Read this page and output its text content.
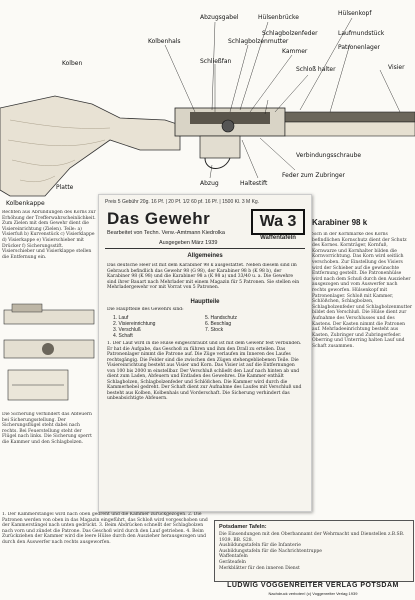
Abzugsgabel	Hülsenbrücke
Hülsenkopf
Kolbenhals	Schlagbolzenmutter
Schlagbolzenfeder	Laufmundstück
Patronenlager
Kammer
Schloß halter
Kolben	Schließfan
Visier
Abzug	Haltestift
Feder zum Zubringer
Verbindungsschraube
Kolbenkappe
Platte
Rechten aus Abrundungen des Korns zur Erhöhung der Trefferwahrscheinlichkeit. Zum Zielen mit dem Gewehr dient die Visiereinrichtung (Zielen). Teile: a) Visierfuß b) Kurvenstück c) Visierklappe d) Visierkappe e) Visierschieber mit Drücker f) Sicherungsstift. Visierschieber und Visierklappe stellen die Entfernung ein.
Die Sicherung verhindert das Abfeuern bei Sicherungsstellung. Der Sicherungsflügel steht dabei nach rechts. Bei Feuerstellung steht der Flügel nach links. Die Sicherung sperrt die Kammer und den Schlagbolzen.
1. Der Kammerstängel wird nach oben gedreht und die Kammer zurückgezogen. 2. Die Patronen werden von oben in das Magazin eingeführt, das Schloß wird vorgeschoben und der Kammerstängel nach unten gedrückt. 3. Beim Abdrücken schnellt der Schlagbolzen nach vorn und zündet die Patrone. Das Geschoß wird durch den Lauf getrieben. 4. Beim Zurückziehen der Kammer wird die leere Hülse durch den Auszieher herausgezogen und durch den Auswerfer nach rechts ausgeworfen.
Preis 5 Gebühr 20g. 16 Pf. | 20 Pf. 1/2 60 pf. 16 Pf. | 1500 Kl. 3 M Kg.
Das Gewehr
Bearbeitet von Techn. Verw.-Amtmann Kiedrolka
Ausgegeben März 1939
Wa 3
Waffentafeln
Allgemeines
Das deutsche Heer ist mit dem Karabiner 98 k ausgestattet. Neben diesem sind im Gebrauch befindlich das Gewehr 98 (G 98), der Karabiner 98 b (K 98 b), der Karabiner 98 (K 98) und die Karabiner 98 a (K 98 a) und 33/40 u. a. Die Gewehre sind ihrer Bauart nach Mehrlader mit einem Magazin für 5 Patronen. Sie stellen ein Mehrladergewehr vor mit Vorrat von 5 Patronen.
Hauptteile
Die Hauptteile des Gewehrs sind:
1. Lauf	5. Handschutz
2. Visiereinrichtung	6. Beschlag
3. Verschluß	7. Stock
4. Schaft
1. Der Lauf wird in die Hülse eingeschraubt und ist mit dem Gewehr fest verbunden. Er hat die Aufgabe, das Geschoß zu führen und ihm den Drall zu erteilen. Das Patronenlager nimmt die Patrone auf. Die Züge verlaufen im Inneren des Laufes rechtsgängig. Die Felder sind die zwischen den Zügen stehengebliebenen Teile. Die Visiereinrichtung besteht aus Visier und Korn. Das Visier ist auf die Entfernungen von 100 bis 2000 m einstellbar. Der Verschluß schließt den Lauf nach hinten ab und dient zum Laden, Abfeuern und Entladen des Gewehres. Die Kammer enthält Schlagbolzen, Schlagbolzenfeder und Schlößchen. Die Kammer wird durch die Kammerhebel gedreht. Der Schaft dient zur Aufnahme des Laufes mit Verschluß und besteht aus Kolben, Kolbenhals und Vorderschaft. Die Sicherung verhindert das unbeabsichtigte Abfeuern.
Karabiner 98 k
Sich in der Kornmarke des Korns befindlichen Kornschutz dient der Schutz des Kornes. Kornträger, Kornfuß, Kornwarze und Kornhalter bilden die Kornvorrichtung. Das Korn wird seitlich verschoben. Zur Einstellung des Visiers wird der Schieber auf die gewünschte Entfernung gestellt. Die Patronenhülse wird nach dem Schuß durch den Auszieher ausgezogen und vom Auswerfer nach rechts geworfen. Hülsenkopf mit Patronenlager. Schloß mit Kammer, Schlößchen, Schlagbolzen, Schlagbolzenfeder und Schlagbolzenmutter bildet den Verschluß. Die Hülse dient zur Aufnahme des Verschlusses und des Kastens. Der Kasten nimmt die Patronen auf. Mehrladeeinrichtung besteht aus Kasten, Zubringer und Zubringerfeder. Oberring und Unterring halten Lauf und Schaft zusammen.
Potsdamer Tafeln:
Die Einsendungen mit den Oberbannamt der Wehrmacht und Dienstellen z.B.SB. 1939. BB. S28.
Ausbildungstafeln für die Infanterie
Ausbildungstafeln für die Nachrichtentruppe
Waffentafeln
Geräteafeln
Merkblätter für den inneren Dienst
LUDWIG VOGGENREITER VERLAG POTSDAM
Nachdruck verboten! (c) Voggenreiter Verlag 1939
